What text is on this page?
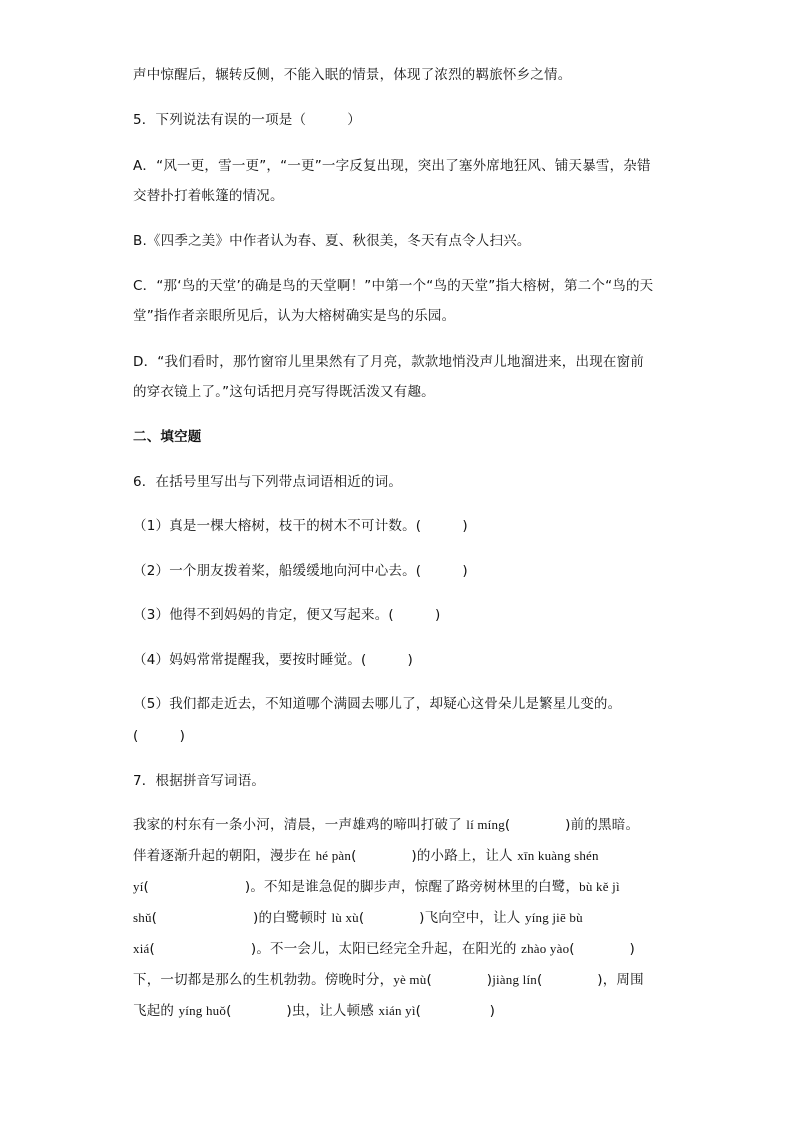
声中惊醒后，辗转反侧，不能入眠的情景，体现了浓烈的羁旅怀乡之情。
5．下列说法有误的一项是（　　　）
A．“风一更，雪一更”，“一更”一字反复出现，突出了塞外席地狂风、铺天暴雪，杂错
交替扑打着帐篷的情况。
B.《四季之美》中作者认为春、夏、秋很美，冬天有点令人扫兴。
C．“那‘鸟的天堂’的确是鸟的天堂啊！”中第一个“鸟的天堂”指大榕树，第二个“鸟的天
堂”指作者亲眼所见后，认为大榕树确实是鸟的乐园。
D．“我们看时，那竹窗帘儿里果然有了月亮，款款地悄没声儿地溜进来，出现在窗前
的穿衣镜上了。”这句话把月亮写得既活泼又有趣。
二、填空题
6．在括号里写出与下列带点词语相近的词。
（1）真是一棵大榕树，枝干的树木不可计数。(　　　)
（2）一个朋友拨着桨，船缓缓地向河中心去。(　　　)
（3）他得不到妈妈的肯定，便又写起来。(　　　)
（4）妈妈常常提醒我，要按时睡觉。(　　　)
（5）我们都走近去，不知道哪个满圆去哪儿了，却疑心这骨朵儿是繁星儿变的。
(　　　)
7．根据拼音写词语。
我家的村东有一条小河，清晨，一声雄鸡的啼叫打破了 lí míng(　　　　)前的黑暗。
伴着逐渐升起的朝阳，漫步在 hé pàn(　　　　)的小路上，让人 xīn kuàng shén
yí(　　　　　　　)。不知是谁急促的脚步声，惊醒了路旁树林里的白鹭，bù kě jì
shǔ(　　　　　　　)的白鹭顿时 lù xù(　　　　)飞向空中，让人 yíng jiē bù
xiá(　　　　　　　)。不一会儿，太阳已经完全升起，在阳光的 zhào yào(　　　　)
下，一切都是那么的生机勃勃。傍晚时分，yè mù(　　　　)jiàng lín(　　　　)，周围
飞起的 yíng huǒ(　　　　)虫，让人顿感 xián yì(　　　　　)
